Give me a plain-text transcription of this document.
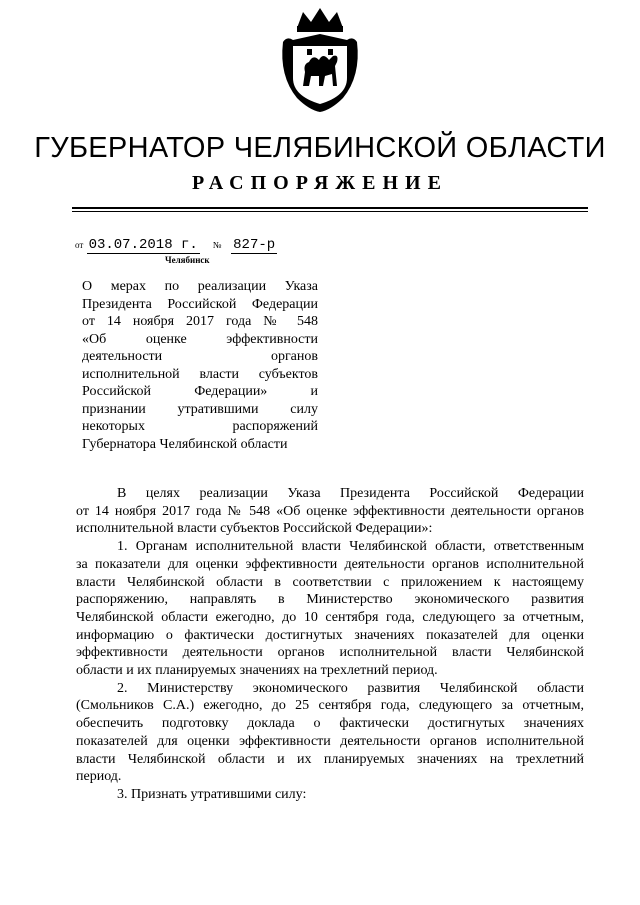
ГУБЕРНАТОР ЧЕЛЯБИНСКОЙ ОБЛАСТИ
РАСПОРЯЖЕНИЕ
от 03.07.2018 г. № 827-р
Челябинск
О мерах по реализации Указа
Президента Российской Федерации
от 14 ноября 2017 года № 548
«Об оценке эффективности
деятельности органов
исполнительной власти субъектов
Российской Федерации» и
признании утратившими силу
некоторых распоряжений
Губернатора Челябинской области

В целях реализации Указа Президента Российской Федерации
от 14 ноября 2017 года № 548 «Об оценке эффективности деятельности органов
исполнительной власти субъектов Российской Федерации»:

1. Органам исполнительной власти Челябинской области, ответственным
за показатели для оценки эффективности деятельности органов исполнительной
власти Челябинской области в соответствии с приложением к настоящему
распоряжению, направлять в Министерство экономического развития
Челябинской области ежегодно, до 10 сентября года, следующего за отчетным,
информацию о фактически достигнутых значениях показателей для оценки
эффективности деятельности органов исполнительной власти Челябинской
области и их планируемых значениях на трехлетний период.

2. Министерству экономического развития Челябинской области
(Смольников С.А.) ежегодно, до 25 сентября года, следующего за отчетным,
обеспечить подготовку доклада о фактически достигнутых значениях
показателей для оценки эффективности деятельности органов исполнительной
власти Челябинской области и их планируемых значениях на трехлетний
период.

3. Признать утратившими силу:
